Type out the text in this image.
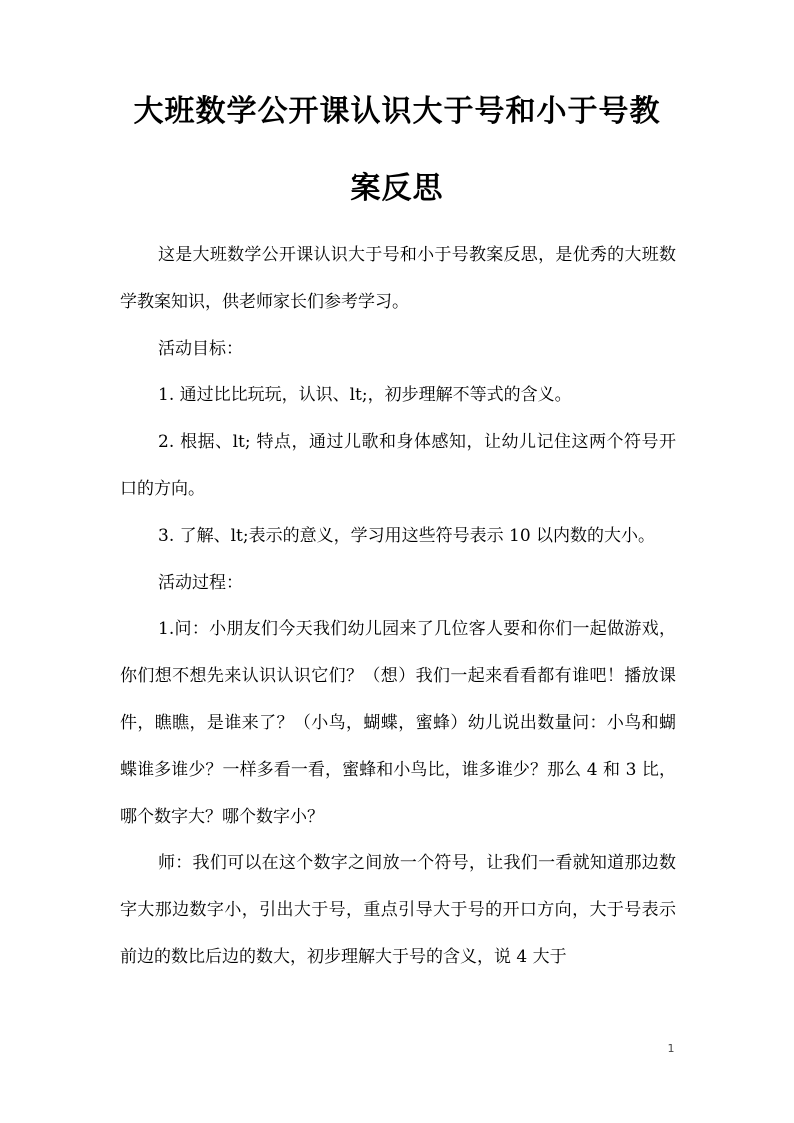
大班数学公开课认识大于号和小于号教
案反思

这是大班数学公开课认识大于号和小于号教案反思，是优秀的大班数学教案知识，供老师家长们参考学习。

活动目标：

1. 通过比比玩玩，认识、lt;，初步理解不等式的含义。

2. 根据、lt; 特点，通过儿歌和身体感知，让幼儿记住这两个符号开口的方向。

3. 了解、lt;表示的意义，学习用这些符号表示 10 以内数的大小。

活动过程：

1.问：小朋友们今天我们幼儿园来了几位客人要和你们一起做游戏，你们想不想先来认识认识它们？（想）我们一起来看看都有谁吧！播放课件，瞧瞧，是谁来了？（小鸟，蝴蝶，蜜蜂）幼儿说出数量问：小鸟和蝴蝶谁多谁少？一样多看一看，蜜蜂和小鸟比，谁多谁少？那么 4 和 3 比，哪个数字大？哪个数字小？

师：我们可以在这个数字之间放一个符号，让我们一看就知道那边数字大那边数字小，引出大于号，重点引导大于号的开口方向，大于号表示前边的数比后边的数大，初步理解大于号的含义，说 4 大于

1
